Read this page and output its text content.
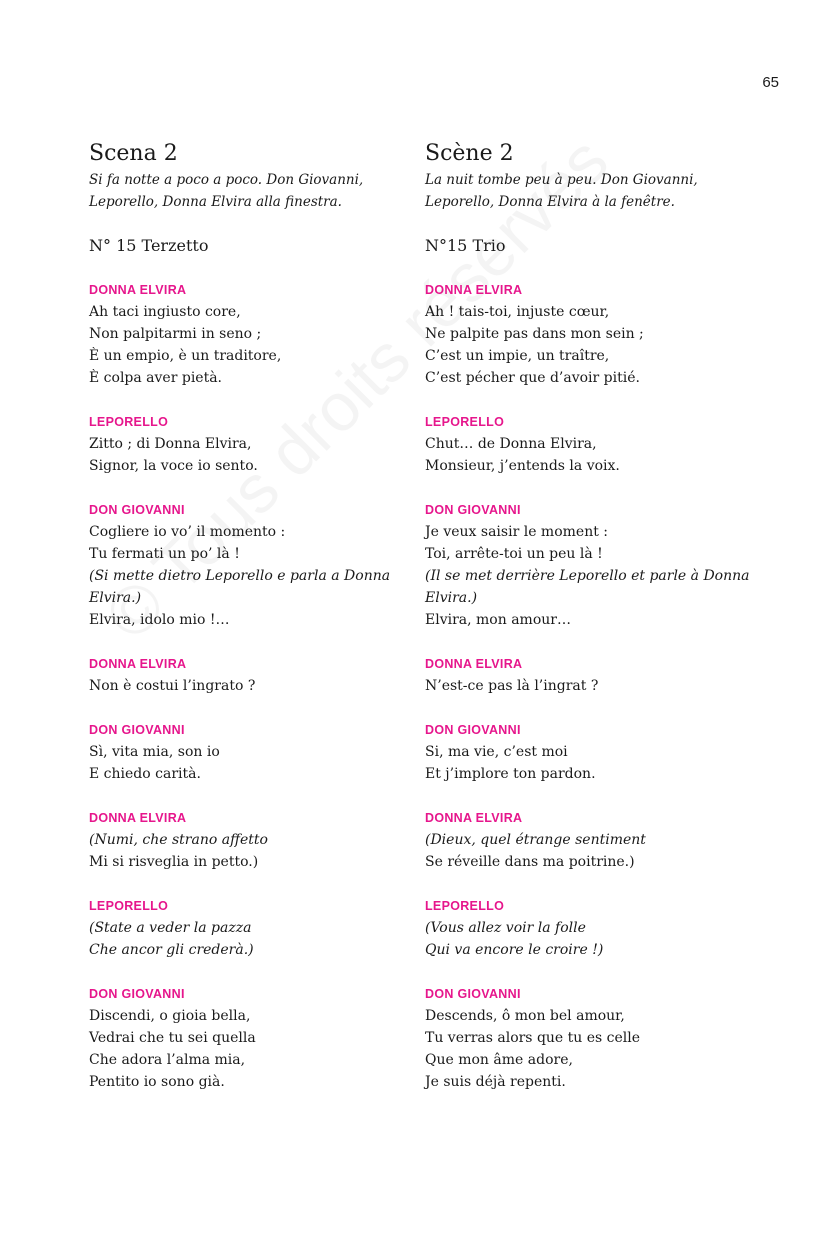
65
Scena 2

Si fa notte a poco a poco. Don Giovanni,

Leporello, Donna Elvira alla finestra.

N° 15 Terzetto
DONNA ELVIRA
Ah taci ingiusto core,
Non palpitarmi in seno ;
È un empio, è un traditore,
È colpa aver pietà.
LEPORELLO
Zitto ; di Donna Elvira,
Signor, la voce io sento.
DON GIOVANNI
Cogliere io vo’ il momento :
Tu fermati un po’ là !
(Si mette dietro Leporello e parla a Donna Elvira.)
Elvira, idolo mio !…
DONNA ELVIRA
Non è costui l’ingrato ?
DON GIOVANNI
Sì, vita mia, son io
E chiedo carità.
DONNA ELVIRA
(Numi, che strano affetto
Mi si risveglia in petto.)
LEPORELLO
(State a veder la pazza
Che ancor gli crederà.)
DON GIOVANNI
Discendi, o gioia bella,
Vedrai che tu sei quella
Che adora l’alma mia,
Pentito io sono già.
Scène 2

La nuit tombe peu à peu. Don Giovanni,

Leporello, Donna Elvira à la fenêtre.

N°15 Trio
DONNA ELVIRA
Ah ! tais-toi, injuste cœur,
Ne palpite pas dans mon sein ;
C’est un impie, un traître,
C’est pécher que d’avoir pitié.
LEPORELLO
Chut… de Donna Elvira,
Monsieur, j’entends la voix.
DON GIOVANNI
Je veux saisir le moment :
Toi, arrête-toi un peu là !
(Il se met derrière Leporello et parle à Donna Elvira.)
Elvira, mon amour…
DONNA ELVIRA
N’est-ce pas là l’ingrat ?
DON GIOVANNI
Si, ma vie, c’est moi
Et j’implore ton pardon.
DONNA ELVIRA
(Dieux, quel étrange sentiment
Se réveille dans ma poitrine.)
LEPORELLO
(Vous allez voir la folle
Qui va encore le croire !)
DON GIOVANNI
Descends, ô mon bel amour,
Tu verras alors que tu es celle
Que mon âme adore,
Je suis déjà repenti.
